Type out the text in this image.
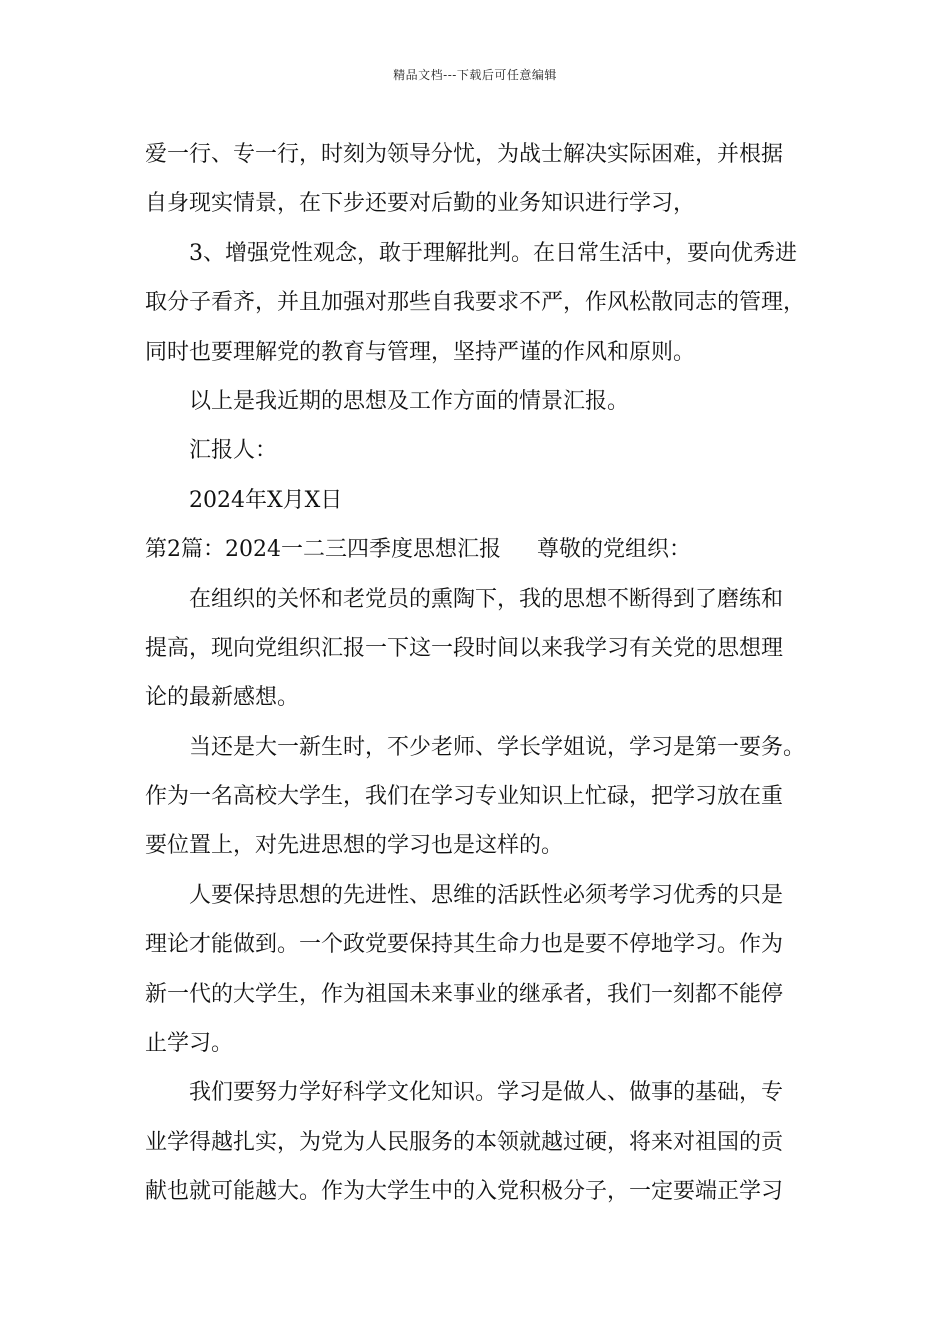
精品文档---下载后可任意编辑
爱一行、专一行，时刻为领导分忧，为战士解决实际困难，并根据
自身现实情景，在下步还要对后勤的业务知识进行学习，
3、增强党性观念，敢于理解批判。在日常生活中，要向优秀进
取分子看齐，并且加强对那些自我要求不严，作风松散同志的管理，
同时也要理解党的教育与管理，坚持严谨的作风和原则。
以上是我近期的思想及工作方面的情景汇报。
汇报人：
2024年X月X日
第2篇：2024一二三四季度思想汇报 尊敬的党组织：
在组织的关怀和老党员的熏陶下，我的思想不断得到了磨练和
提高，现向党组织汇报一下这一段时间以来我学习有关党的思想理
论的最新感想。
当还是大一新生时，不少老师、学长学姐说，学习是第一要务。
作为一名高校大学生，我们在学习专业知识上忙碌，把学习放在重
要位置上，对先进思想的学习也是这样的。
人要保持思想的先进性、思维的活跃性必须考学习优秀的只是
理论才能做到。一个政党要保持其生命力也是要不停地学习。作为
新一代的大学生，作为祖国未来事业的继承者，我们一刻都不能停
止学习。
我们要努力学好科学文化知识。学习是做人、做事的基础，专
业学得越扎实，为党为人民服务的本领就越过硬，将来对祖国的贡
献也就可能越大。作为大学生中的入党积极分子，一定要端正学习
